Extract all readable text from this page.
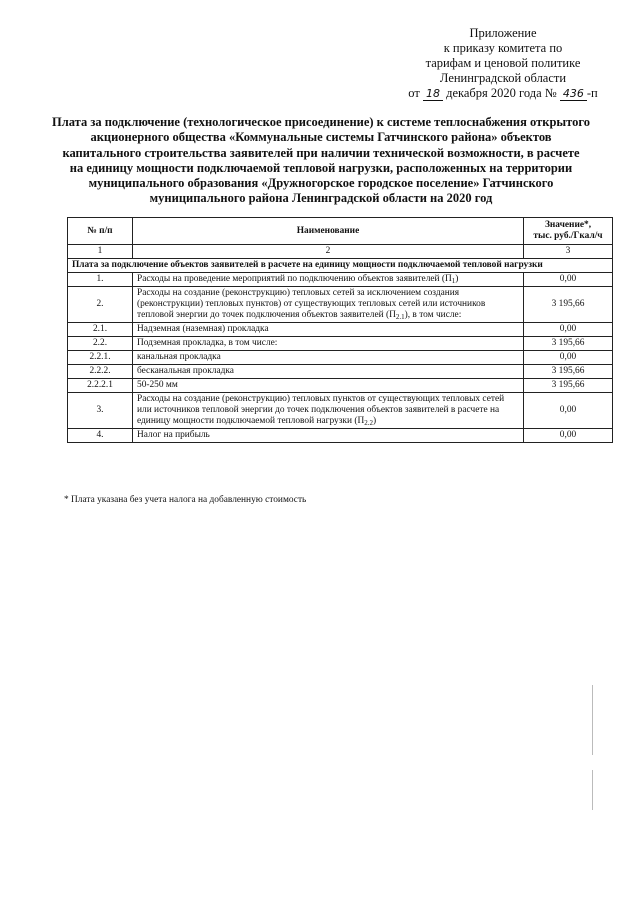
Приложение
к приказу комитета по
тарифам и ценовой политике
Ленинградской области
от 18 декабря 2020 года № 436 -п
Плата за подключение (технологическое присоединение) к системе теплоснабжения открытого
акционерного общества «Коммунальные системы Гатчинского района» объектов
капитального строительства заявителей при наличии технической возможности, в расчете
на единицу мощности подключаемой тепловой нагрузки, расположенных на территории
муниципального образования «Дружногорское городское поселение» Гатчинского
муниципального района Ленинградской области на 2020 год
№ п/п	Наименование	Значение*,
тыс. руб./Гкал/ч
1	2	3
Плата за подключение объектов заявителей в расчете на единицу мощности подключаемой тепловой нагрузки		
1.	Расходы на проведение мероприятий по подключению объектов заявителей $(П_1)$	0,00
2.	Расходы на создание (реконструкцию) тепловых сетей за исключением создания (реконструкции) тепловых пунктов) от существующих тепловых сетей или источников тепловой энергии до точек подключения объектов заявителей $(П_{2.1})$, в том числе:	3 195,66
2.1.	Надземная (наземная) прокладка	0,00
2.2.	Подземная прокладка, в том числе:	3 195,66
2.2.1.	канальная прокладка	0,00
2.2.2.	бесканальная прокладка	3 195,66
2.2.2.1	50-250 мм	3 195,66
3.	Расходы на создание (реконструкцию) тепловых пунктов от существующих тепловых сетей или источников тепловой энергии до точек подключения объектов заявителей в расчете на единицу мощности подключаемой тепловой нагрузки $(П_{2.2})$	0,00
4.	Налог на прибыль	0,00
* Плата указана без учета налога на добавленную стоимость
